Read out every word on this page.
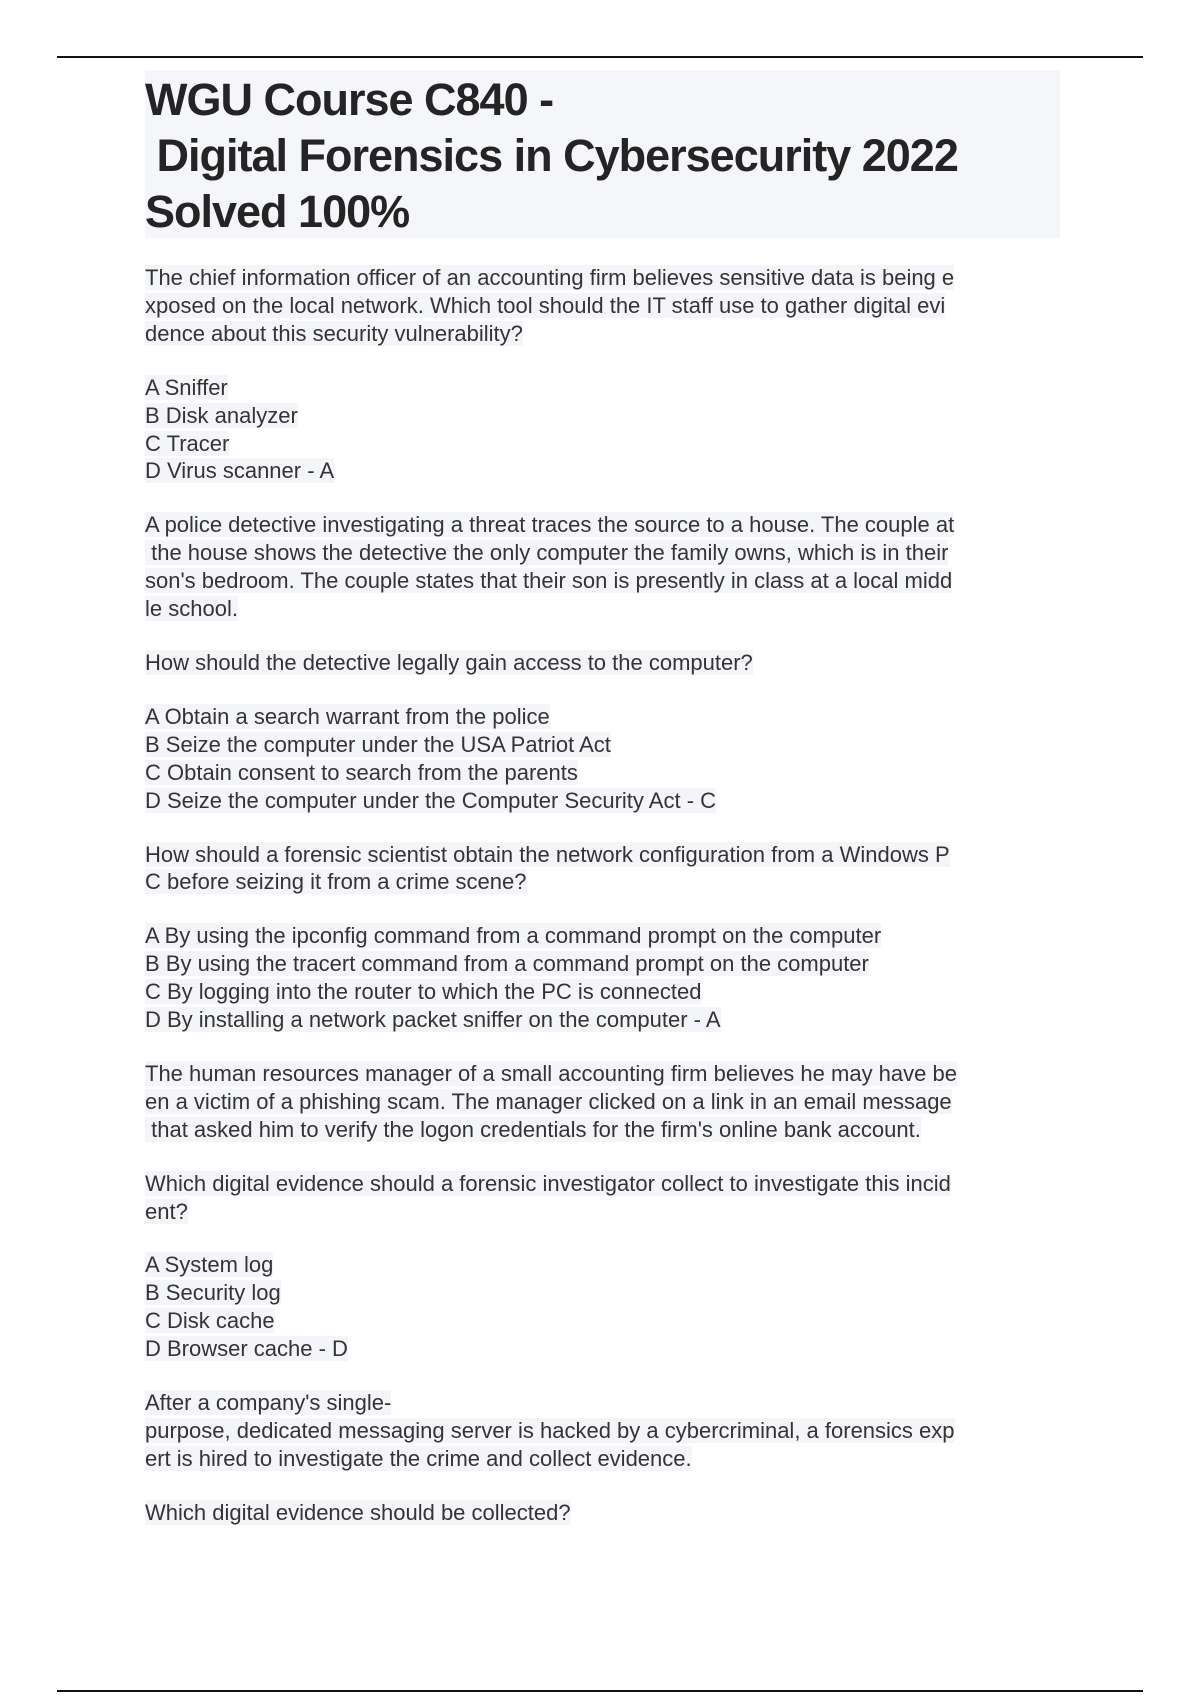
WGU Course C840 -
Digital Forensics in Cybersecurity 2022
Solved 100%
The chief information officer of an accounting firm believes sensitive data is being e
xposed on the local network. Which tool should the IT staff use to gather digital evi
dence about this security vulnerability?
A Sniffer
B Disk analyzer
C Tracer
D Virus scanner - A
A police detective investigating a threat traces the source to a house. The couple at
the house shows the detective the only computer the family owns, which is in their
son's bedroom. The couple states that their son is presently in class at a local midd
le school.
How should the detective legally gain access to the computer?
A Obtain a search warrant from the police
B Seize the computer under the USA Patriot Act
C Obtain consent to search from the parents
D Seize the computer under the Computer Security Act - C
How should a forensic scientist obtain the network configuration from a Windows P
C before seizing it from a crime scene?
A By using the ipconfig command from a command prompt on the computer
B By using the tracert command from a command prompt on the computer
C By logging into the router to which the PC is connected
D By installing a network packet sniffer on the computer - A
The human resources manager of a small accounting firm believes he may have be
en a victim of a phishing scam. The manager clicked on a link in an email message
that asked him to verify the logon credentials for the firm's online bank account.
Which digital evidence should a forensic investigator collect to investigate this incid
ent?
A System log
B Security log
C Disk cache
D Browser cache - D
After a company's single-
purpose, dedicated messaging server is hacked by a cybercriminal, a forensics exp
ert is hired to investigate the crime and collect evidence.
Which digital evidence should be collected?
